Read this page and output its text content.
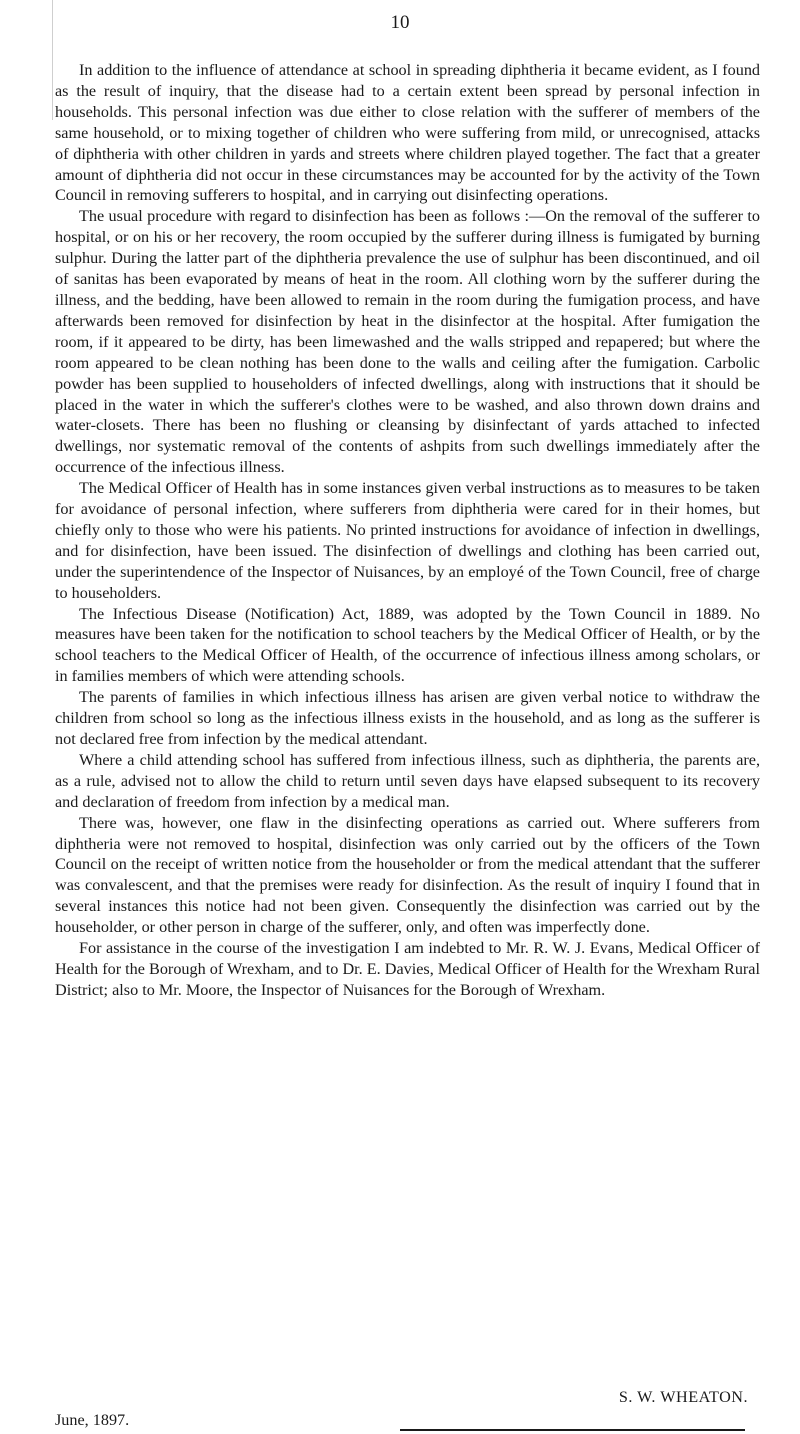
10

In addition to the influence of attendance at school in spreading diphtheria it became evident, as I found as the result of inquiry, that the disease had to a certain extent been spread by personal infection in households. This personal infection was due either to close relation with the sufferer of members of the same household, or to mixing together of children who were suffering from mild, or unrecognised, attacks of diphtheria with other children in yards and streets where children played together. The fact that a greater amount of diphtheria did not occur in these circumstances may be accounted for by the activity of the Town Council in removing sufferers to hospital, and in carrying out disinfecting operations.

The usual procedure with regard to disinfection has been as follows :—On the removal of the sufferer to hospital, or on his or her recovery, the room occupied by the sufferer during illness is fumigated by burning sulphur. During the latter part of the diphtheria prevalence the use of sulphur has been discontinued, and oil of sanitas has been evaporated by means of heat in the room. All clothing worn by the sufferer during the illness, and the bedding, have been allowed to remain in the room during the fumigation process, and have afterwards been removed for disinfection by heat in the disinfector at the hospital. After fumigation the room, if it appeared to be dirty, has been limewashed and the walls stripped and repapered; but where the room appeared to be clean nothing has been done to the walls and ceiling after the fumigation. Carbolic powder has been supplied to householders of infected dwellings, along with instructions that it should be placed in the water in which the sufferer's clothes were to be washed, and also thrown down drains and water-closets. There has been no flushing or cleansing by disinfectant of yards attached to infected dwellings, nor systematic removal of the contents of ashpits from such dwellings immediately after the occurrence of the infectious illness.

The Medical Officer of Health has in some instances given verbal instructions as to measures to be taken for avoidance of personal infection, where sufferers from diphtheria were cared for in their homes, but chiefly only to those who were his patients. No printed instructions for avoidance of infection in dwellings, and for disinfection, have been issued. The disinfection of dwellings and clothing has been carried out, under the superintendence of the Inspector of Nuisances, by an employé of the Town Council, free of charge to householders.

The Infectious Disease (Notification) Act, 1889, was adopted by the Town Council in 1889. No measures have been taken for the notification to school teachers by the Medical Officer of Health, or by the school teachers to the Medical Officer of Health, of the occurrence of infectious illness among scholars, or in families members of which were attending schools.

The parents of families in which infectious illness has arisen are given verbal notice to withdraw the children from school so long as the infectious illness exists in the household, and as long as the sufferer is not declared free from infection by the medical attendant.

Where a child attending school has suffered from infectious illness, such as diphtheria, the parents are, as a rule, advised not to allow the child to return until seven days have elapsed subsequent to its recovery and declaration of freedom from infection by a medical man.

There was, however, one flaw in the disinfecting operations as carried out. Where sufferers from diphtheria were not removed to hospital, disinfection was only carried out by the officers of the Town Council on the receipt of written notice from the householder or from the medical attendant that the sufferer was convalescent, and that the premises were ready for disinfection. As the result of inquiry I found that in several instances this notice had not been given. Consequently the disinfection was carried out by the householder, or other person in charge of the sufferer, only, and often was imperfectly done.

For assistance in the course of the investigation I am indebted to Mr. R. W. J. Evans, Medical Officer of Health for the Borough of Wrexham, and to Dr. E. Davies, Medical Officer of Health for the Wrexham Rural District; also to Mr. Moore, the Inspector of Nuisances for the Borough of Wrexham.

S. W. WHEATON.
June, 1897.
